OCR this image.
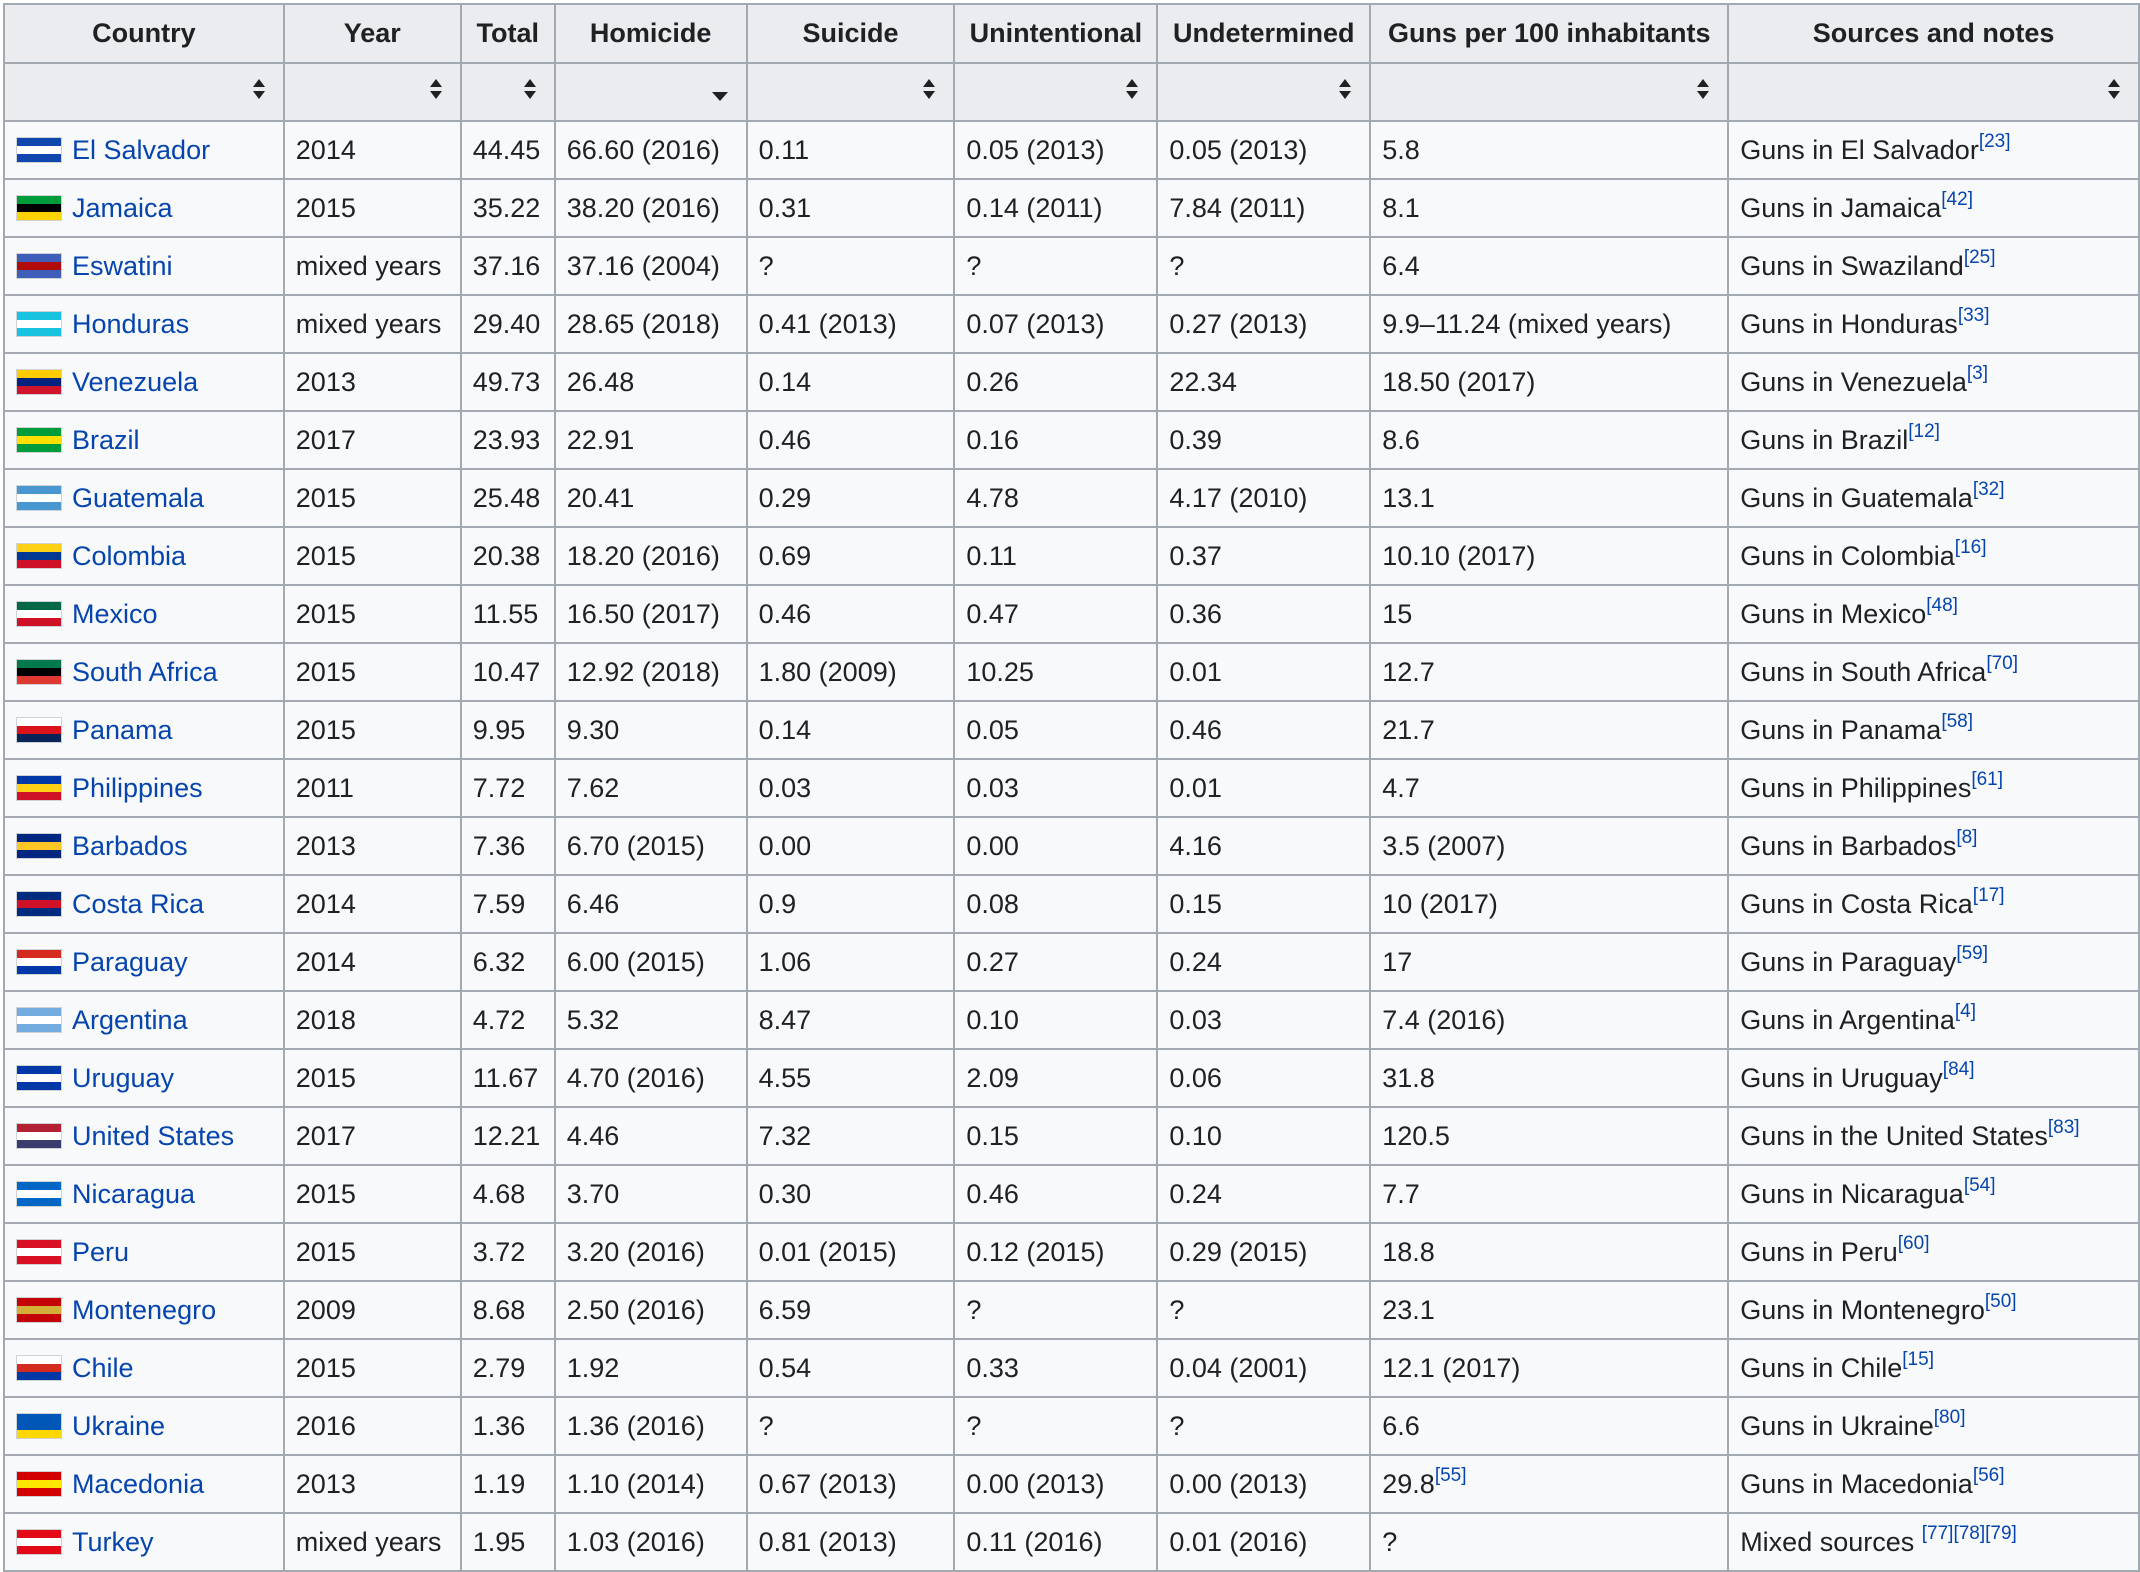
Country	Year	Total	Homicide	Suicide	Unintentional	Undetermined	Guns per 100 inhabitants	Sources and notes

El Salvador	2014	44.45	66.60 (2016)	0.11	0.05 (2013)	0.05 (2013)	5.8	Guns in El Salvador[23]

Jamaica	2015	35.22	38.20 (2016)	0.31	0.14 (2011)	7.84 (2011)	8.1	Guns in Jamaica[42]

Eswatini	mixed years	37.16	37.16 (2004)	?	?	?	6.4	Guns in Swaziland[25]

Honduras	mixed years	29.40	28.65 (2018)	0.41 (2013)	0.07 (2013)	0.27 (2013)	9.9–11.24 (mixed years)	Guns in Honduras[33]

Venezuela	2013	49.73	26.48	0.14	0.26	22.34	18.50 (2017)	Guns in Venezuela[3]

Brazil	2017	23.93	22.91	0.46	0.16	0.39	8.6	Guns in Brazil[12]

Guatemala	2015	25.48	20.41	0.29	4.78	4.17 (2010)	13.1	Guns in Guatemala[32]

Colombia	2015	20.38	18.20 (2016)	0.69	0.11	0.37	10.10 (2017)	Guns in Colombia[16]

Mexico	2015	11.55	16.50 (2017)	0.46	0.47	0.36	15	Guns in Mexico[48]

South Africa	2015	10.47	12.92 (2018)	1.80 (2009)	10.25	0.01	12.7	Guns in South Africa[70]

Panama	2015	9.95	9.30	0.14	0.05	0.46	21.7	Guns in Panama[58]

Philippines	2011	7.72	7.62	0.03	0.03	0.01	4.7	Guns in Philippines[61]

Barbados	2013	7.36	6.70 (2015)	0.00	0.00	4.16	3.5 (2007)	Guns in Barbados[8]

Costa Rica	2014	7.59	6.46	0.9	0.08	0.15	10 (2017)	Guns in Costa Rica[17]

Paraguay	2014	6.32	6.00 (2015)	1.06	0.27	0.24	17	Guns in Paraguay[59]

Argentina	2018	4.72	5.32	8.47	0.10	0.03	7.4 (2016)	Guns in Argentina[4]

Uruguay	2015	11.67	4.70 (2016)	4.55	2.09	0.06	31.8	Guns in Uruguay[84]

United States	2017	12.21	4.46	7.32	0.15	0.10	120.5	Guns in the United States[83]

Nicaragua	2015	4.68	3.70	0.30	0.46	0.24	7.7	Guns in Nicaragua[54]

Peru	2015	3.72	3.20 (2016)	0.01 (2015)	0.12 (2015)	0.29 (2015)	18.8	Guns in Peru[60]

Montenegro	2009	8.68	2.50 (2016)	6.59	?	?	23.1	Guns in Montenegro[50]

Chile	2015	2.79	1.92	0.54	0.33	0.04 (2001)	12.1 (2017)	Guns in Chile[15]

Ukraine	2016	1.36	1.36 (2016)	?	?	?	6.6	Guns in Ukraine[80]

Macedonia	2013	1.19	1.10 (2014)	0.67 (2013)	0.00 (2013)	0.00 (2013)	29.8[55]	Guns in Macedonia[56]

Turkey	mixed years	1.95	1.03 (2016)	0.81 (2013)	0.11 (2016)	0.01 (2016)	?	Mixed sources [77][78][79]
